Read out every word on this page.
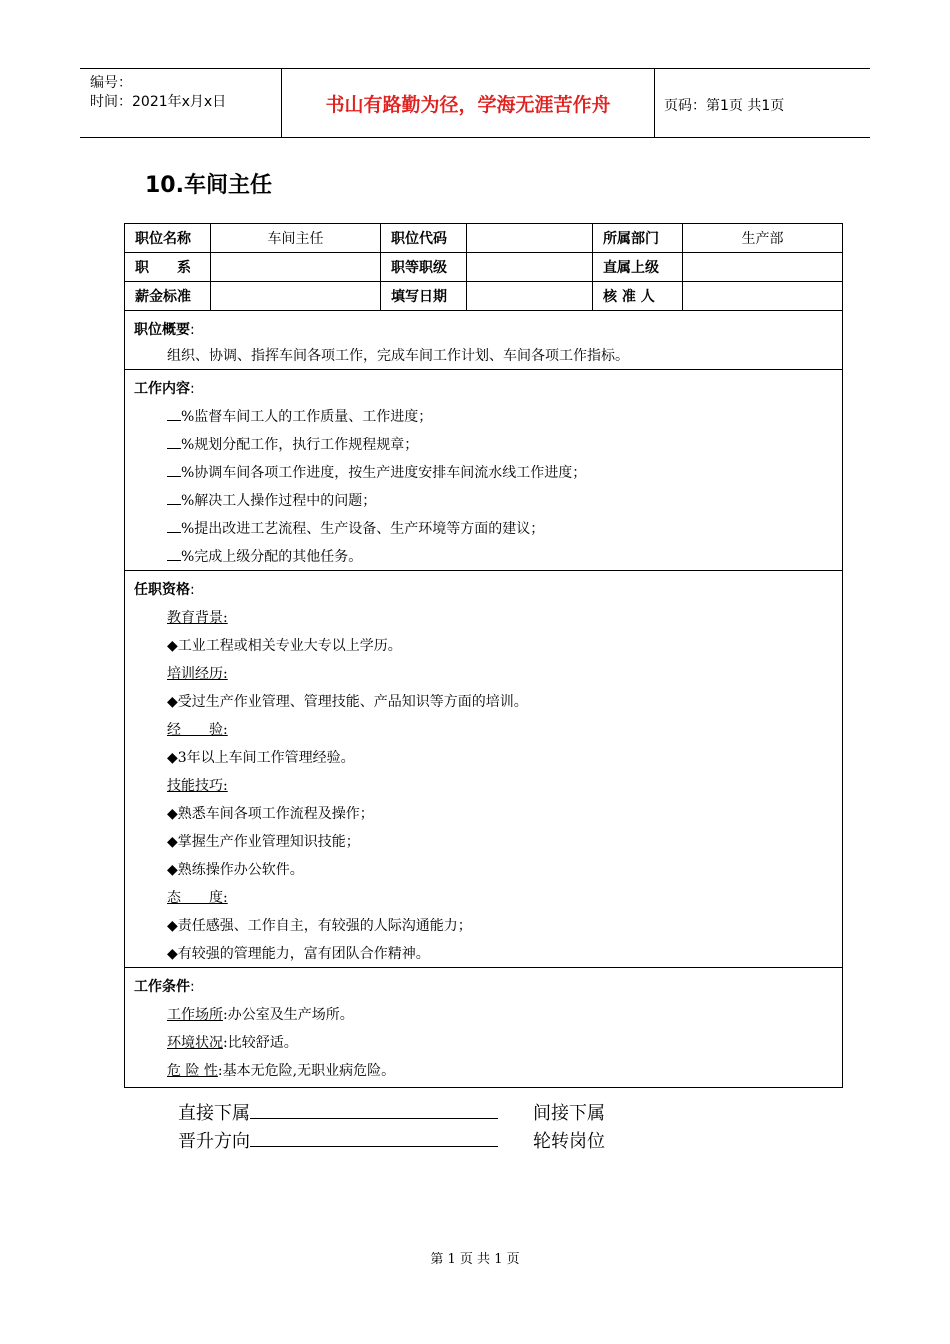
编号：
时间：2021年x月x日	书山有路勤为径，学海无涯苦作舟	页码：第1页 共1页
10.车间主任
职位名称	车间主任	职位代码		所属部门	生产部
职　　系		职等职级		直属上级	
薪金标准		填写日期		核 准 人	
职位概要:
组织、协调、指挥车间各项工作，完成车间工作计划、车间各项工作指标。
工作内容:
%监督车间工人的工作质量、工作进度；
%规划分配工作，执行工作规程规章；
%协调车间各项工作进度，按生产进度安排车间流水线工作进度；
%解决工人操作过程中的问题；
%提出改进工艺流程、生产设备、生产环境等方面的建议；
%完成上级分配的其他任务。
任职资格:
教育背景:
◆工业工程或相关专业大专以上学历。
培训经历:
◆受过生产作业管理、管理技能、产品知识等方面的培训。
经　　验:
◆3年以上车间工作管理经验。
技能技巧:
◆熟悉车间各项工作流程及操作；
◆掌握生产作业管理知识技能；
◆熟练操作办公软件。
态　　度:
◆责任感强、工作自主，有较强的人际沟通能力；
◆有较强的管理能力，富有团队合作精神。
工作条件:
工作场所:办公室及生产场所。
环境状况:比较舒适。
危 险 性:基本无危险,无职业病危险。
直接下属	间接下属
晋升方向	轮转岗位
第 1 页 共 1 页
